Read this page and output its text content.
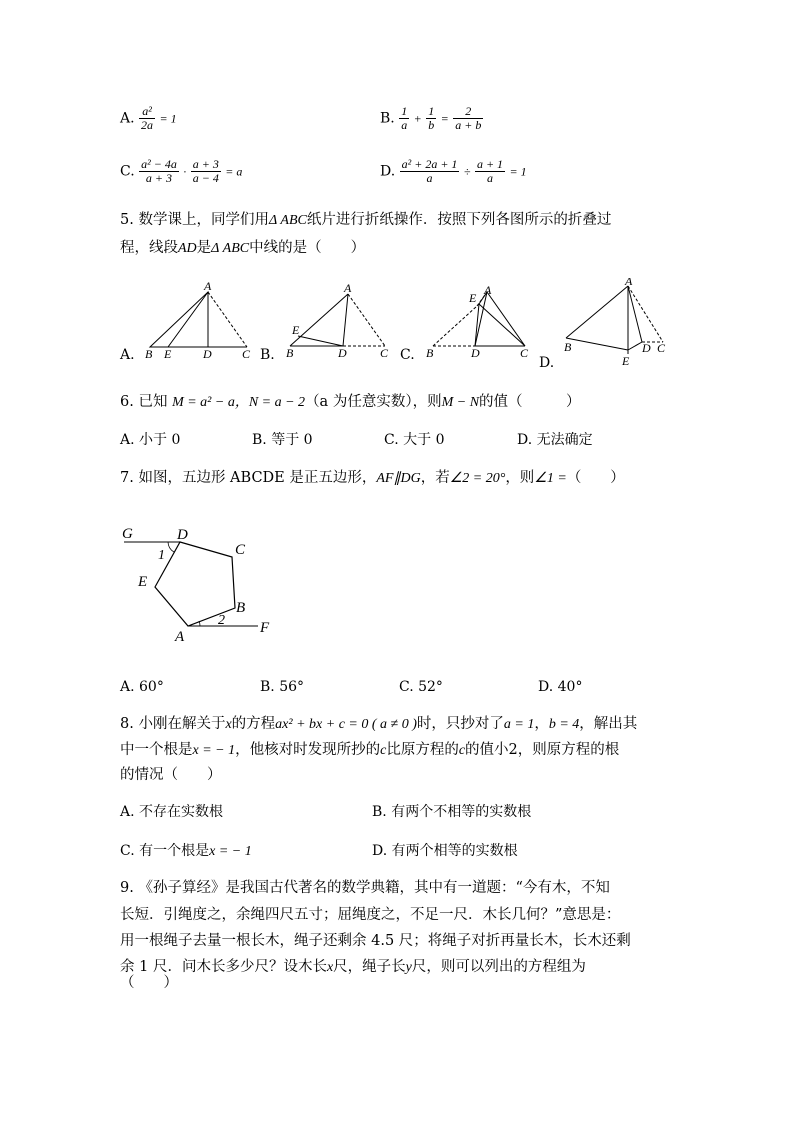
A. $\frac{\text{a²}}{2a} = 1$	B. $\frac{1}{a} + \frac{1}{b} = \frac{2}{a + b}$
C. $\frac{\text{a² − 4a}}{a + 3} \cdot \frac{a + 3}{a - 4} = a$	D. $\frac{\text{a² + 2a + 1}}{a} \div \frac{a + 1}{a} = 1$
5. 数学课上，同学们用Δ ABC纸片进行折纸操作．按照下列各图所示的折叠过
程，线段AD是Δ ABC中线的是（　　）
A
B E	D	C
A
E
B	D	C
E
A
B	D	C
A
B
E
D C
A.	B.	C.	D.
6. 已知 M = a² − a，N = a − 2（a 为任意实数），则M − N的值（　　　）
A. 小于 0	B. 等于 0	C. 大于 0	D. 无法确定
7. 如图，五边形 ABCDE 是正五边形，AF∥DG，若∠2 = 20°，则∠1 =（　　）
G	D
C
1
E
B
2
A
F
A. 60°	B. 56°	C. 52°	D. 40°
8. 小刚在解关于x的方程ax² + bx + c = 0 ( a ≠ 0 )时，只抄对了a = 1，b = 4，解出其
中一个根是x = − 1，他核对时发现所抄的c比原方程的c的值小2，则原方程的根
的情况（　　）
A. 不存在实数根	B. 有两个不相等的实数根
C. 有一个根是x = − 1	D. 有两个相等的实数根
9. 《孙子算经》是我国古代著名的数学典籍，其中有一道题：“今有木，不知
长短．引绳度之，余绳四尺五寸；屈绳度之，不足一尺．木长几何？”意思是：
用一根绳子去量一根长木，绳子还剩余 4.5 尺；将绳子对折再量长木，长木还剩
余 1 尺．问木长多少尺？设木长x尺，绳子长y尺，则可以列出的方程组为
（　　）
